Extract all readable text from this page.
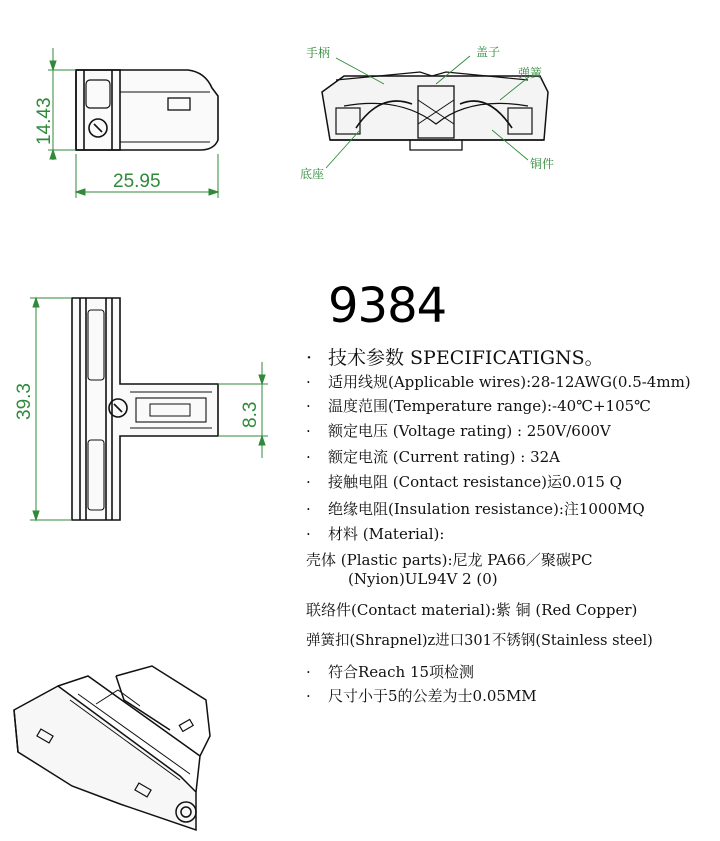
14.43
25.95
39.3	8.3
手柄	盖子
弹簧
底座
铜件
9384
· 技术参数 SPECIFICATIGNS。
· 适用线规(Applicable wires):28-12AWG(0.5-4mm)
· 温度范围(Temperature range):-40℃+105℃
· 额定电压 (Voltage rating) : 250V/600V
· 额定电流 (Current rating) : 32A
· 接触电阻 (Contact resistance)运0.015 Q
· 绝缘电阻(Insulation resistance):注1000MQ
· 材料 (Material):
壳体 (Plastic parts):尼龙 PA66／聚碳PC
(Nyion)UL94V 2 (0)
联络件(Contact material):紫 铜 (Red Copper)
弹簧扣(Shrapnel)z进口301不锈钢(Stainless steel)
· 符合Reach 15项检测
· 尺寸小于5的公差为士0.05MM
